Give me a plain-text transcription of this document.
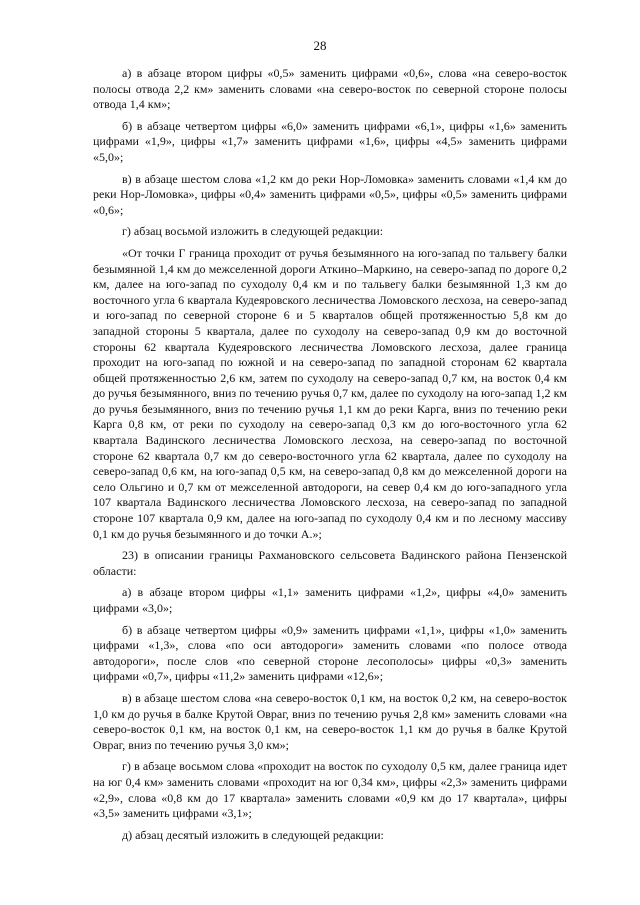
28

а) в абзаце втором цифры «0,5» заменить цифрами «0,6», слова «на северо-восток полосы отвода 2,2 км» заменить словами «на северо-восток по северной стороне полосы отвода 1,4 км»;

б) в абзаце четвертом цифры «6,0» заменить цифрами «6,1», цифры «1,6» заменить цифрами «1,9», цифры «1,7» заменить цифрами «1,6», цифры «4,5» заменить цифрами «5,0»;

в) в абзаце шестом слова «1,2 км до реки Нор-Ломовка» заменить словами «1,4 км до реки Нор-Ломовка», цифры «0,4» заменить цифрами «0,5», цифры «0,5» заменить цифрами «0,6»;

г) абзац восьмой изложить в следующей редакции:

«От точки Г граница проходит от ручья безымянного на юго-запад по тальвегу балки безымянной 1,4 км до межселенной дороги Аткино–Маркино, на северо-запад по дороге 0,2 км, далее на юго-запад по суходолу 0,4 км и по тальвегу балки безымянной 1,3 км до восточного угла 6 квартала Кудеяровского лесничества Ломовского лесхоза, на северо-запад и юго-запад по северной стороне 6 и 5 кварталов общей протяженностью 5,8 км до западной стороны 5 квартала, далее по суходолу на северо-запад 0,9 км до восточной стороны 62 квартала Кудеяровского лесничества Ломовского лесхоза, далее граница проходит на юго-запад по южной и на северо-запад по западной сторонам 62 квартала общей протяженностью 2,6 км, затем по суходолу на северо-запад 0,7 км, на восток 0,4 км до ручья безымянного, вниз по течению ручья 0,7 км, далее по суходолу на юго-запад 1,2 км до ручья безымянного, вниз по течению ручья 1,1 км до реки Карга, вниз по течению реки Карга 0,8 км, от реки по суходолу на северо-запад 0,3 км до юго-восточного угла 62 квартала Вадинского лесничества Ломовского лесхоза, на северо-запад по восточной стороне 62 квартала 0,7 км до северо-восточного угла 62 квартала, далее по суходолу на северо-запад 0,6 км, на юго-запад 0,5 км, на северо-запад 0,8 км до межселенной дороги на село Ольгино и 0,7 км от межселенной автодороги, на север 0,4 км до юго-западного угла 107 квартала Вадинского лесничества Ломовского лесхоза, на северо-запад по западной стороне 107 квартала 0,9 км, далее на юго-запад по суходолу 0,4 км и по лесному массиву 0,1 км до ручья безымянного и до точки А.»;

23) в описании границы Рахмановского сельсовета Вадинского района Пензенской области:

а) в абзаце втором цифры «1,1» заменить цифрами «1,2», цифры «4,0» заменить цифрами «3,0»;

б) в абзаце четвертом цифры «0,9» заменить цифрами «1,1», цифры «1,0» заменить цифрами «1,3», слова «по оси автодороги» заменить словами «по полосе отвода автодороги», после слов «по северной стороне лесополосы» цифры «0,3» заменить цифрами «0,7», цифры «11,2» заменить цифрами «12,6»;

в) в абзаце шестом слова «на северо-восток 0,1 км, на восток 0,2 км, на северо-восток 1,0 км до ручья в балке Крутой Овраг, вниз по течению ручья 2,8 км» заменить словами «на северо-восток 0,1 км, на восток 0,1 км, на северо-восток 1,1 км до ручья в балке Крутой Овраг, вниз по течению ручья 3,0 км»;

г) в абзаце восьмом слова «проходит на восток по суходолу 0,5 км, далее граница идет на юг 0,4 км» заменить словами «проходит на юг 0,34 км», цифры «2,3» заменить цифрами «2,9», слова «0,8 км до 17 квартала» заменить словами «0,9 км до 17 квартала», цифры «3,5» заменить цифрами «3,1»;

д) абзац десятый изложить в следующей редакции:
